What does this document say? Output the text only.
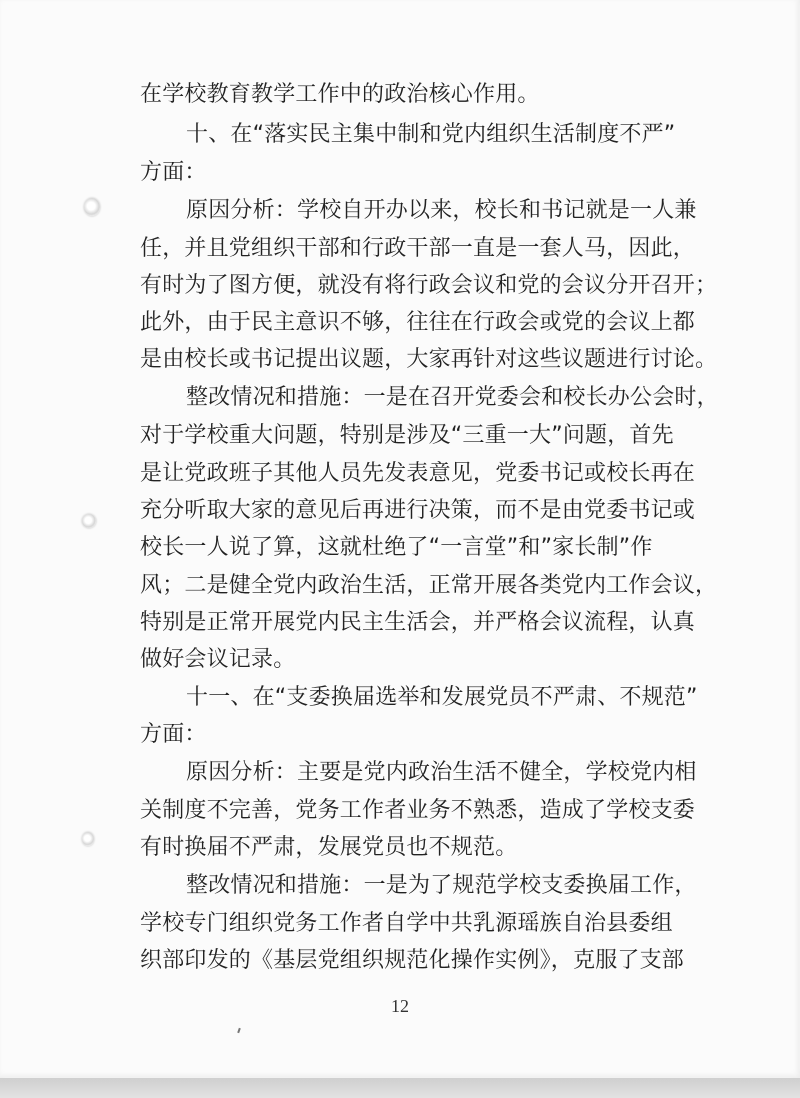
在学校教育教学工作中的政治核心作用。
十、在“落实民主集中制和党内组织生活制度不严”
方面：
原因分析：学校自开办以来，校长和书记就是一人兼
任，并且党组织干部和行政干部一直是一套人马，因此，
有时为了图方便，就没有将行政会议和党的会议分开召开；
此外，由于民主意识不够，往往在行政会或党的会议上都
是由校长或书记提出议题，大家再针对这些议题进行讨论。
整改情况和措施：一是在召开党委会和校长办公会时，
对于学校重大问题，特别是涉及“三重一大”问题，首先
是让党政班子其他人员先发表意见，党委书记或校长再在
充分听取大家的意见后再进行决策，而不是由党委书记或
校长一人说了算，这就杜绝了“一言堂”和”家长制”作
风；二是健全党内政治生活，正常开展各类党内工作会议，
特别是正常开展党内民主生活会，并严格会议流程，认真
做好会议记录。
十一、在“支委换届选举和发展党员不严肃、不规范”
方面：
原因分析：主要是党内政治生活不健全，学校党内相
关制度不完善，党务工作者业务不熟悉，造成了学校支委
有时换届不严肃，发展党员也不规范。
整改情况和措施：一是为了规范学校支委换届工作，
学校专门组织党务工作者自学中共乳源瑶族自治县委组
织部印发的《基层党组织规范化操作实例》，克服了支部
12
